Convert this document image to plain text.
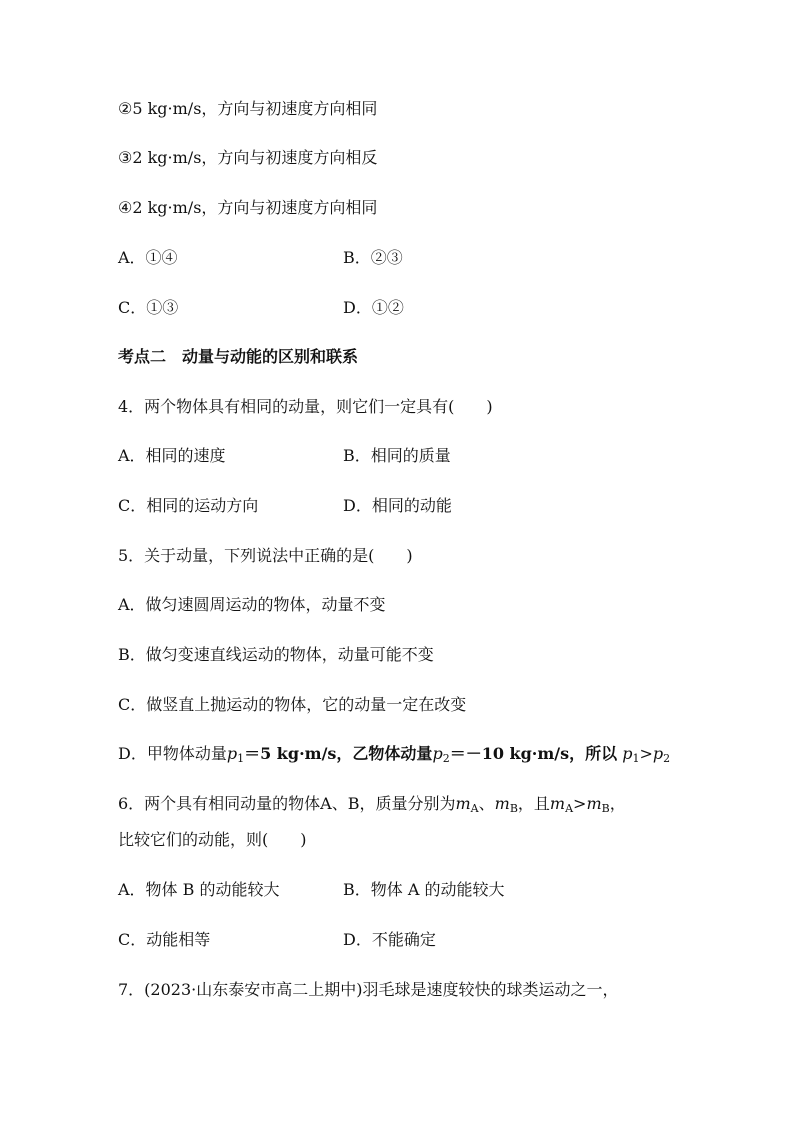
②5 kg·m/s，方向与初速度方向相同
③2 kg·m/s，方向与初速度方向相反
④2 kg·m/s，方向与初速度方向相同
A．①④	B．②③
C．①③	D．①②
考点二　动量与动能的区别和联系
4．两个物体具有相同的动量，则它们一定具有(　　)
A．相同的速度	B．相同的质量
C．相同的运动方向	D．相同的动能
5．关于动量，下列说法中正确的是(　　)
A．做匀速圆周运动的物体，动量不变
B．做匀变速直线运动的物体，动量可能不变
C．做竖直上抛运动的物体，它的动量一定在改变
D．甲物体动量$p_1=5$ kg·m/s，乙物体动量$p_2=-10$ kg·m/s，所以 $p_1>p_2$
6．两个具有相同动量的物体A、B，质量分别为$m_A$、$m_B$，且$m_A>m_B$，
比较它们的动能，则(　　)
A．物体 B 的动能较大	B．物体 A 的动能较大
C．动能相等	D．不能确定
7．(2023·山东泰安市高二上期中)羽毛球是速度较快的球类运动之一，
